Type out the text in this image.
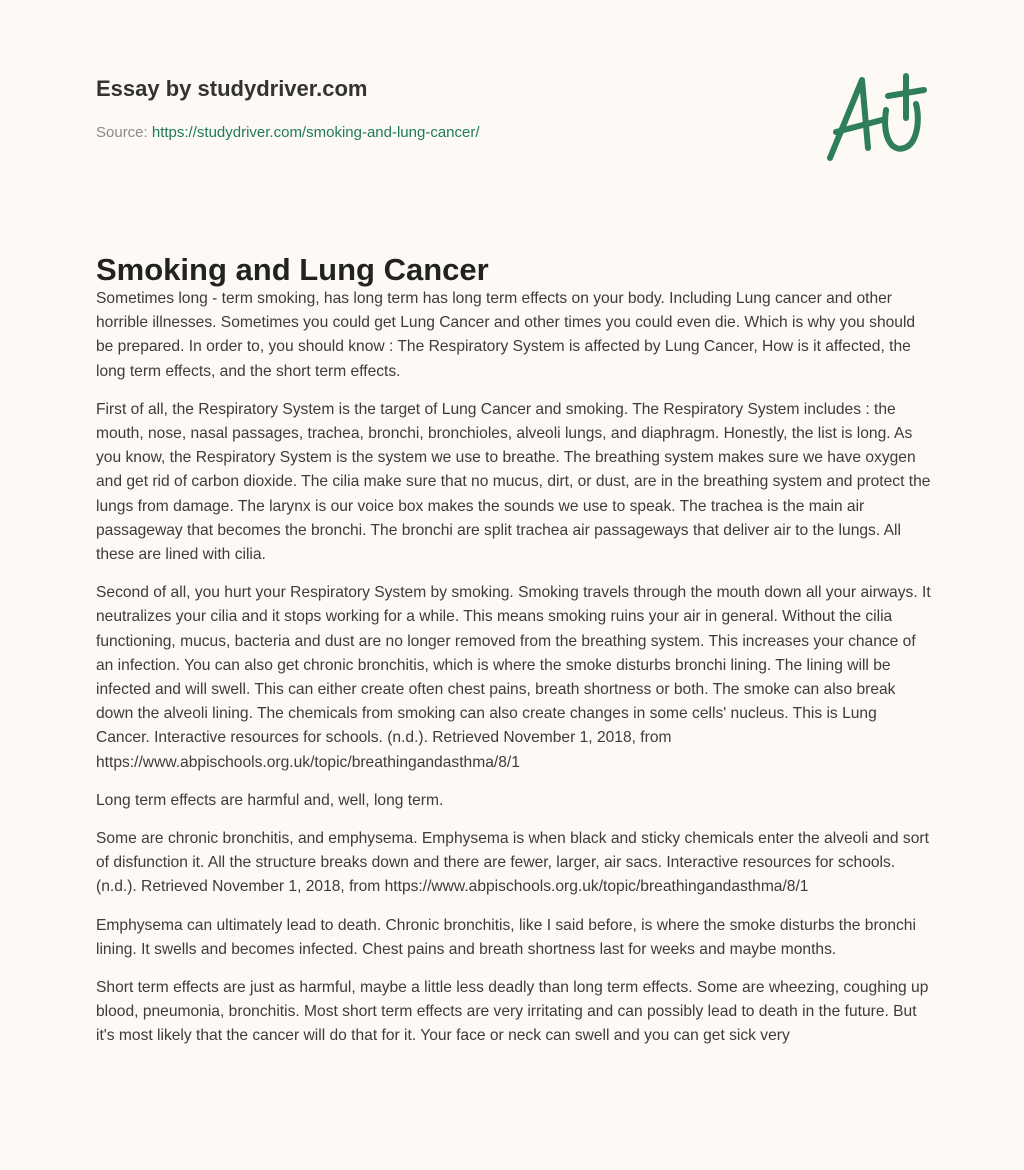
Essay by studydriver.com
Source: https://studydriver.com/smoking-and-lung-cancer/
Smoking and Lung Cancer

Sometimes long - term smoking, has long term has long term effects on your body. Including Lung cancer and other horrible illnesses. Sometimes you could get Lung Cancer and other times you could even die. Which is why you should be prepared. In order to, you should know : The Respiratory System is affected by Lung Cancer, How is it affected, the long term effects, and the short term effects.

First of all, the Respiratory System is the target of Lung Cancer and smoking. The Respiratory System includes : the mouth, nose, nasal passages, trachea, bronchi, bronchioles, alveoli lungs, and diaphragm. Honestly, the list is long. As you know, the Respiratory System is the system we use to breathe. The breathing system makes sure we have oxygen and get rid of carbon dioxide. The cilia make sure that no mucus, dirt, or dust, are in the breathing system and protect the lungs from damage. The larynx is our voice box makes the sounds we use to speak. The trachea is the main air passageway that becomes the bronchi. The bronchi are split trachea air passageways that deliver air to the lungs. All these are lined with cilia.

Second of all, you hurt your Respiratory System by smoking. Smoking travels through the mouth down all your airways. It neutralizes your cilia and it stops working for a while. This means smoking ruins your air in general. Without the cilia functioning, mucus, bacteria and dust are no longer removed from the breathing system. This increases your chance of an infection. You can also get chronic bronchitis, which is where the smoke disturbs bronchi lining. The lining will be infected and will swell. This can either create often chest pains, breath shortness or both. The smoke can also break down the alveoli lining. The chemicals from smoking can also create changes in some cells' nucleus. This is Lung Cancer. Interactive resources for schools. (n.d.). Retrieved November 1, 2018, from https://www.abpischools.org.uk/topic/breathingandasthma/8/1

Long term effects are harmful and, well, long term.

Some are chronic bronchitis, and emphysema. Emphysema is when black and sticky chemicals enter the alveoli and sort of disfunction it. All the structure breaks down and there are fewer, larger, air sacs. Interactive resources for schools. (n.d.). Retrieved November 1, 2018, from https://www.abpischools.org.uk/topic/breathingandasthma/8/1

Emphysema can ultimately lead to death. Chronic bronchitis, like I said before, is where the smoke disturbs the bronchi lining. It swells and becomes infected. Chest pains and breath shortness last for weeks and maybe months.

Short term effects are just as harmful, maybe a little less deadly than long term effects. Some are wheezing, coughing up blood, pneumonia, bronchitis. Most short term effects are very irritating and can possibly lead to death in the future. But it's most likely that the cancer will do that for it. Your face or neck can swell and you can get sick very
